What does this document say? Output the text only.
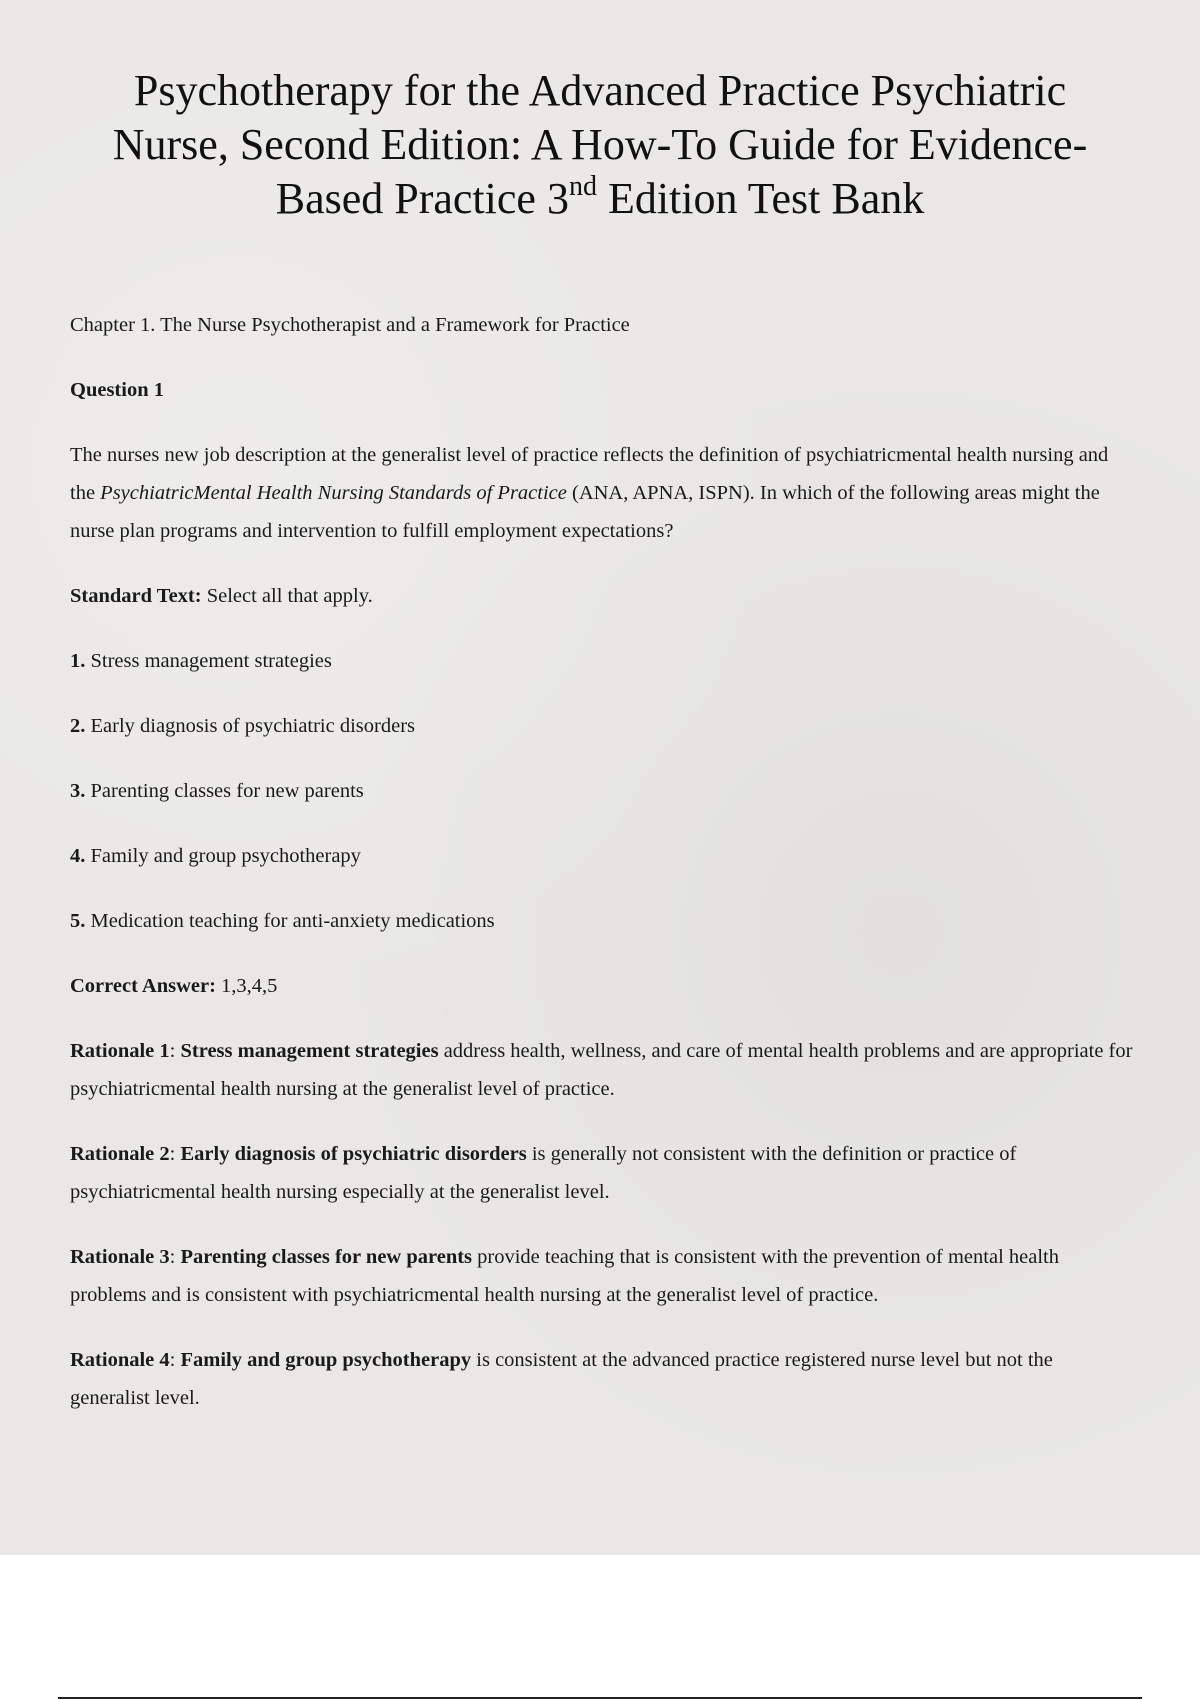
Psychotherapy for the Advanced Practice Psychiatric
Nurse, Second Edition: A How-To Guide for Evidence-
Based Practice 3nd Edition Test Bank

Chapter 1. The Nurse Psychotherapist and a Framework for Practice

Question 1

The nurses new job description at the generalist level of practice reflects the definition of psychiatricmental health nursing and the PsychiatricMental Health Nursing Standards of Practice (ANA, APNA, ISPN). In which of the following areas might the nurse plan programs and intervention to fulfill employment expectations?

Standard Text: Select all that apply.

1. Stress management strategies

2. Early diagnosis of psychiatric disorders

3. Parenting classes for new parents

4. Family and group psychotherapy

5. Medication teaching for anti-anxiety medications

Correct Answer: 1,3,4,5

Rationale 1: Stress management strategies address health, wellness, and care of mental health problems and are appropriate for psychiatricmental health nursing at the generalist level of practice.

Rationale 2: Early diagnosis of psychiatric disorders is generally not consistent with the definition or practice of psychiatricmental health nursing especially at the generalist level.

Rationale 3: Parenting classes for new parents provide teaching that is consistent with the prevention of mental health problems and is consistent with psychiatricmental health nursing at the generalist level of practice.

Rationale 4: Family and group psychotherapy is consistent at the advanced practice registered nurse level but not the generalist level.
